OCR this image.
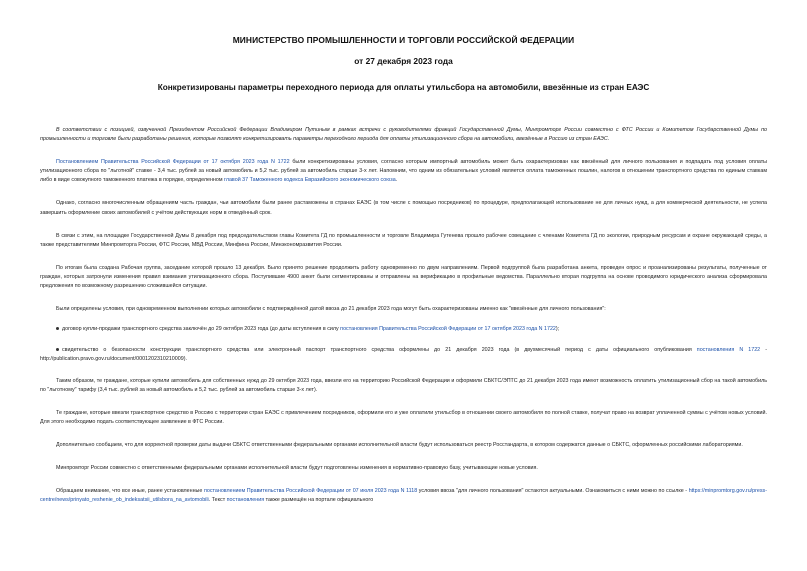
МИНИСТЕРСТВО ПРОМЫШЛЕННОСТИ И ТОРГОВЛИ РОССИЙСКОЙ ФЕДЕРАЦИИ
от 27 декабря 2023 года
Конкретизированы параметры переходного периода для оплаты утильсбора на автомобили, ввезённые из стран ЕАЭС

В соответствии с позицией, озвученной Президентом Российской Федерации Владимиром Путиным в рамках встречи с руководителями фракций Государственной Думы, Минпромторг России совместно с ФТС России и Комитетом Государственной Думы по промышленности и торговле были разработаны решения, которые позволят конкретизировать параметры переходного периода для оплаты утилизационного сбора на автомобили, ввезённые в Россию из стран ЕАЭС.

Постановлением Правительства Российской Федерации от 17 октября 2023 года N 1722 были конкретизированы условия, согласно которым импортный автомобиль может быть охарактеризован как ввезённый для личного пользования и подпадать под условия оплаты утилизационного сбора по "льготной" ставке - 3,4 тыс. рублей за новый автомобиль и 5,2 тыс. рублей за автомобиль старше 3-х лет. Напомним, что одним из обязательных условий является оплата таможенных пошлин, налогов в отношении транспортного средства по единым ставкам либо в виде совокупного таможенного платежа в порядке, определенном главой 37 Таможенного кодекса Евразийского экономического союза.

Однако, согласно многочисленным обращениям часть граждан, чьи автомобили были ранее растаможены в странах ЕАЭС (в том числе с помощью посредников) по процедуре, предполагающей использование не для личных нужд, а для коммерческой деятельности, не успела завершить оформление своих автомобилей с учётом действующих норм в отведённый срок.

В связи с этим, на площадке Государственной Думы 8 декабря под председательством главы Комитета ГД по промышленности и торговле Владимира Гутенева прошло рабочее совещание с членами Комитета ГД по экологии, природным ресурсам и охране окружающей среды, а также представителями Минпромторга России, ФТС России, МВД России, Минфина России, Минэкономразвития России.

По итогам была создана Рабочая группа, заседание которой прошло 13 декабря. Было принято решение продолжить работу одновременно по двум направлениям. Первой подгруппой была разработана анкета, проведен опрос и проанализированы результаты, полученные от граждан, которых затронули изменения правил взимания утилизационного сбора. Поступившие 4900 анкет были сегментированы и отправлены на верификацию в профильные ведомства. Параллельно вторая подгруппа на основе проводимого юридического анализа сформировала предложения по возможному разрешению сложившейся ситуации.

Были определены условия, при одновременном выполнении которых автомобили с подтверждённой датой ввоза до 21 декабря 2023 года могут быть охарактеризованы именно как "ввезённые для личного пользования":

договор купли-продажи транспортного средства заключён до 29 октября 2023 года (до даты вступления в силу постановления Правительства Российской Федерации от 17 октября 2023 года N 1722);
свидетельство о безопасности конструкции транспортного средства или электронный паспорт транспортного средства оформлены до 21 декабря 2023 года (в двухмесячный период с даты официального опубликования постановления N 1722 - http://publication.pravo.gov.ru/document/0001202310210009).

Таким образом, те граждане, которые купили автомобиль для собственных нужд до 29 октября 2023 года, ввезли его на территорию Российской Федерации и оформили СБКТС/ЭПТС до 21 декабря 2023 года имеют возможность оплатить утилизационный сбор на такой автомобиль по "льготному" тарифу (3,4 тыс. рублей за новый автомобиль и 5,2 тыс. рублей за автомобиль старше 3-х лет).

Те граждане, которые ввезли транспортное средство в Россию с территории стран ЕАЭС с привлечением посредников, оформили его и уже оплатили утильсбор в отношении своего автомобиля по полной ставке, получат право на возврат уплаченной суммы с учётом новых условий. Для этого необходимо подать соответствующее заявление в ФТС России.

Дополнительно сообщаем, что для корректной проверки даты выдачи СБКТС ответственными федеральными органами исполнительной власти будут использоваться реестр Росстандарта, в котором содержатся данные о СБКТС, оформленных российскими лабораториями.

Минпромторг России совместно с ответственными федеральными органами исполнительной власти будут подготовлены изменения в нормативно-правовую базу, учитывающие новые условия.

Обращаем внимание, что все иные, ранее установленные постановлением Правительства Российской Федерации от 07 июля 2023 года N 1118 условия ввоза "для личного пользования" остаются актуальными. Ознакомиться с ними можно по ссылке - https://minpromtorg.gov.ru/press-centre/news/prinyato_reshenie_ob_indeksatsii_utilsbora_na_avtomobili. Текст постановления также размещён на портале официального
